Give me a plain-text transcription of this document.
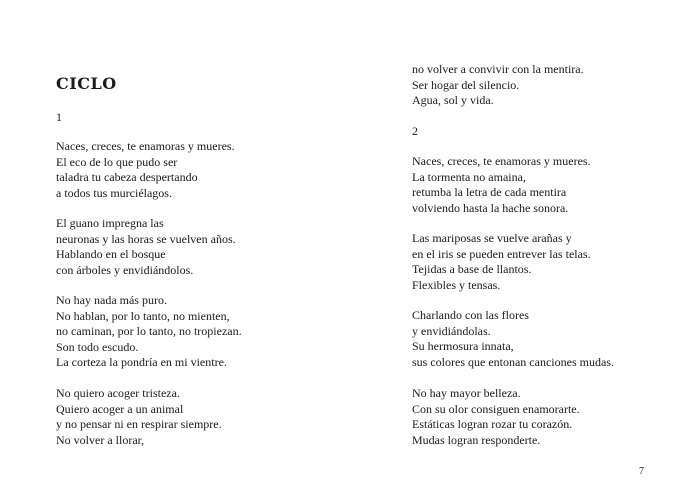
CICLO
1
Naces, creces, te enamoras y mueres.
El eco de lo que pudo ser
taladra tu cabeza despertando
a todos tus murciélagos.
El guano impregna las
neuronas y las horas se vuelven años.
Hablando en el bosque
con árboles y envidiándolos.
No hay nada más puro.
No hablan, por lo tanto, no mienten,
no caminan, por lo tanto, no tropiezan.
Son todo escudo.
La corteza la pondría en mi vientre.
No quiero acoger tristeza.
Quiero acoger a un animal
y no pensar ni en respirar siempre.
No volver a llorar,
no volver a convivir con la mentira.
Ser hogar del silencio.
Agua, sol y vida.
2
Naces, creces, te enamoras y mueres.
La tormenta no amaina,
retumba la letra de cada mentira
volviendo hasta la hache sonora.
Las mariposas se vuelve arañas y
en el iris se pueden entrever las telas.
Tejidas a base de llantos.
Flexibles y tensas.
Charlando con las flores
y envidiándolas.
Su hermosura innata,
sus colores que entonan canciones mudas.
No hay mayor belleza.
Con su olor consiguen enamorarte.
Estáticas logran rozar tu corazón.
Mudas logran responderte.
7
